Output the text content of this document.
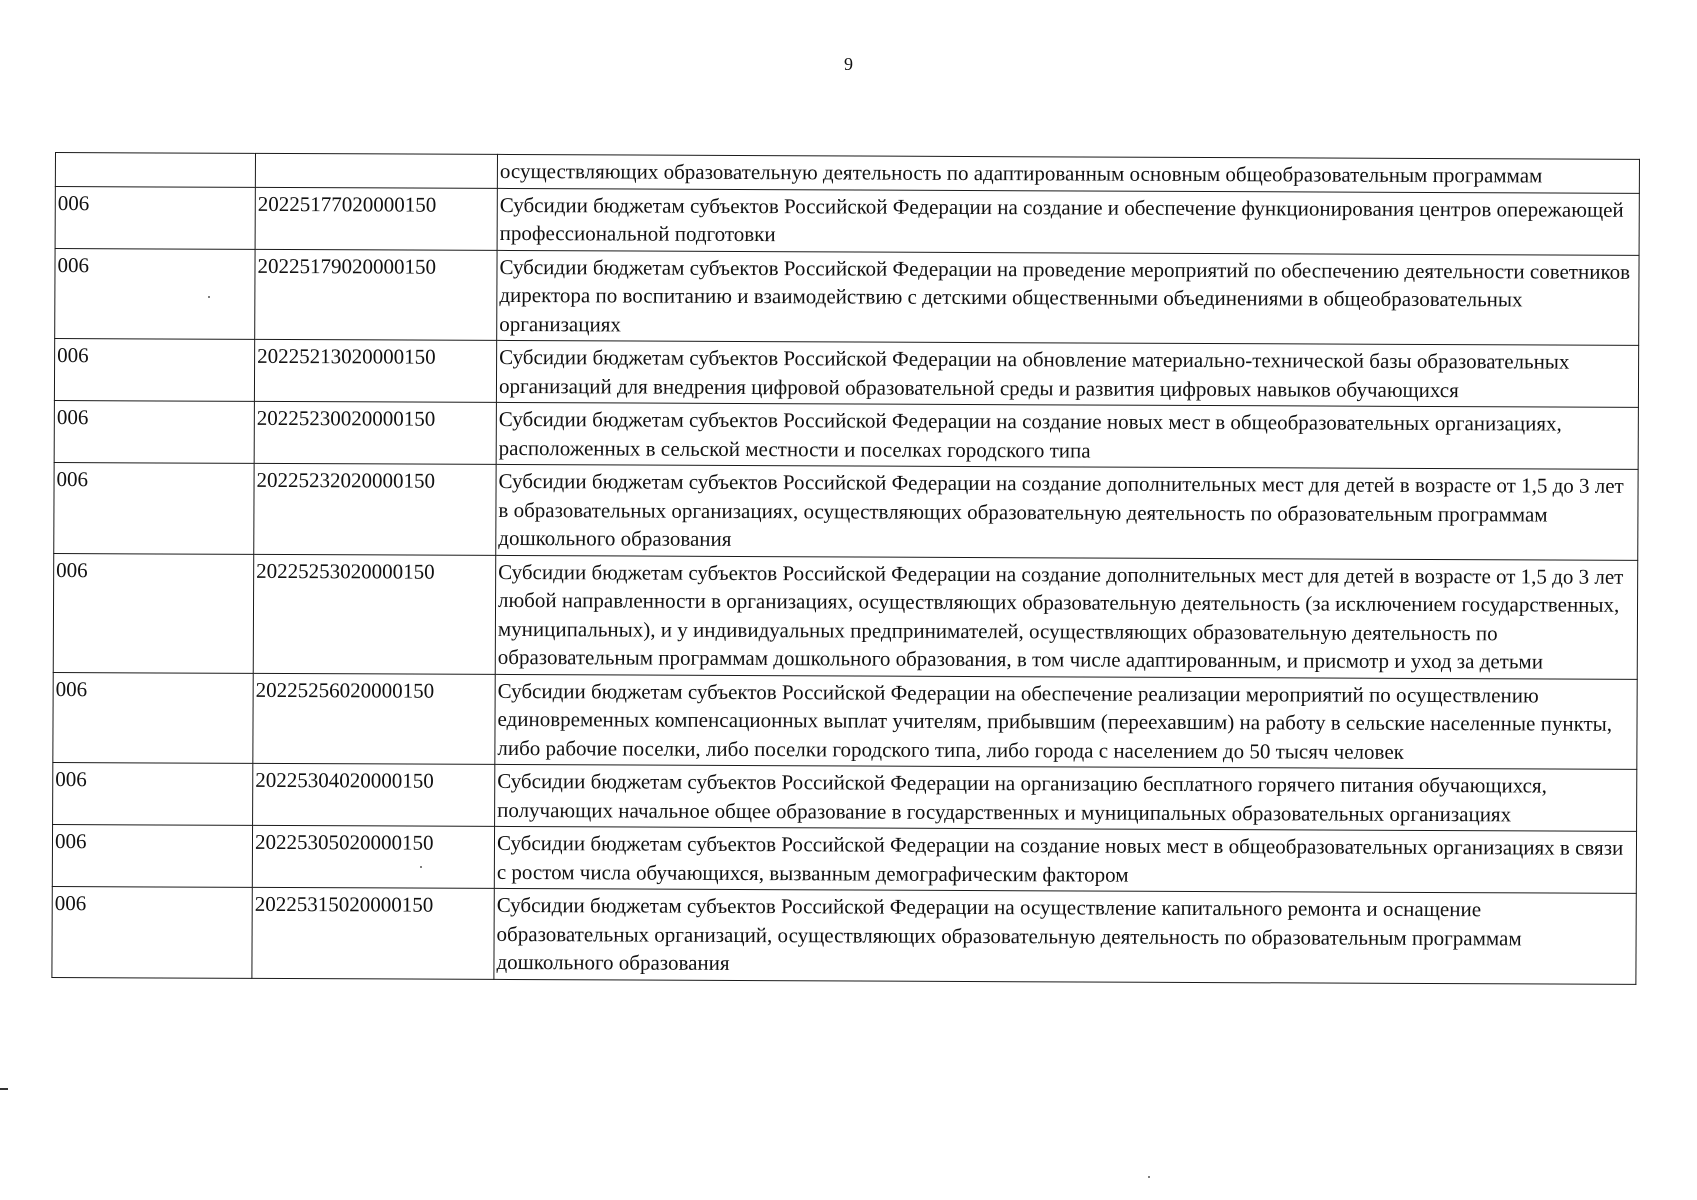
9
		осуществляющих образовательную деятельность по адаптированным основным общеобразовательным программам
006	20225177020000150	Субсидии бюджетам субъектов Российской Федерации на создание и обеспечение функционирования центров опережающей профессиональной подготовки
006	20225179020000150	Субсидии бюджетам субъектов Российской Федерации на проведение мероприятий по обеспечению деятельности советников директора по воспитанию и взаимодействию с детскими общественными объединениями в общеобразовательных организациях
006	20225213020000150	Субсидии бюджетам субъектов Российской Федерации на обновление материально-технической базы образовательных организаций для внедрения цифровой образовательной среды и развития цифровых навыков обучающихся
006	20225230020000150	Субсидии бюджетам субъектов Российской Федерации на создание новых мест в общеобразовательных организациях, расположенных в сельской местности и поселках городского типа
006	20225232020000150	Субсидии бюджетам субъектов Российской Федерации на создание дополнительных мест для детей в возрасте от 1,5 до 3 лет в образовательных организациях, осуществляющих образовательную деятельность по образовательным программам дошкольного образования
006	20225253020000150	Субсидии бюджетам субъектов Российской Федерации на создание дополнительных мест для детей в возрасте от 1,5 до 3 лет любой направленности в организациях, осуществляющих образовательную деятельность (за исключением государственных, муниципальных), и у индивидуальных предпринимателей, осуществляющих образовательную деятельность по образовательным программам дошкольного образования, в том числе адаптированным, и присмотр и уход за детьми
006	20225256020000150	Субсидии бюджетам субъектов Российской Федерации на обеспечение реализации мероприятий по осуществлению единовременных компенсационных выплат учителям, прибывшим (переехавшим) на работу в сельские населенные пункты, либо рабочие поселки, либо поселки городского типа, либо города с населением до 50 тысяч человек
006	20225304020000150	Субсидии бюджетам субъектов Российской Федерации на организацию бесплатного горячего питания обучающихся, получающих начальное общее образование в государственных и муниципальных образовательных организациях
006	20225305020000150	Субсидии бюджетам субъектов Российской Федерации на создание новых мест в общеобразовательных организациях в связи с ростом числа обучающихся, вызванным демографическим фактором
006	20225315020000150	Субсидии бюджетам субъектов Российской Федерации на осуществление капитального ремонта и оснащение образовательных организаций, осуществляющих образовательную деятельность по образовательным программам дошкольного образования
